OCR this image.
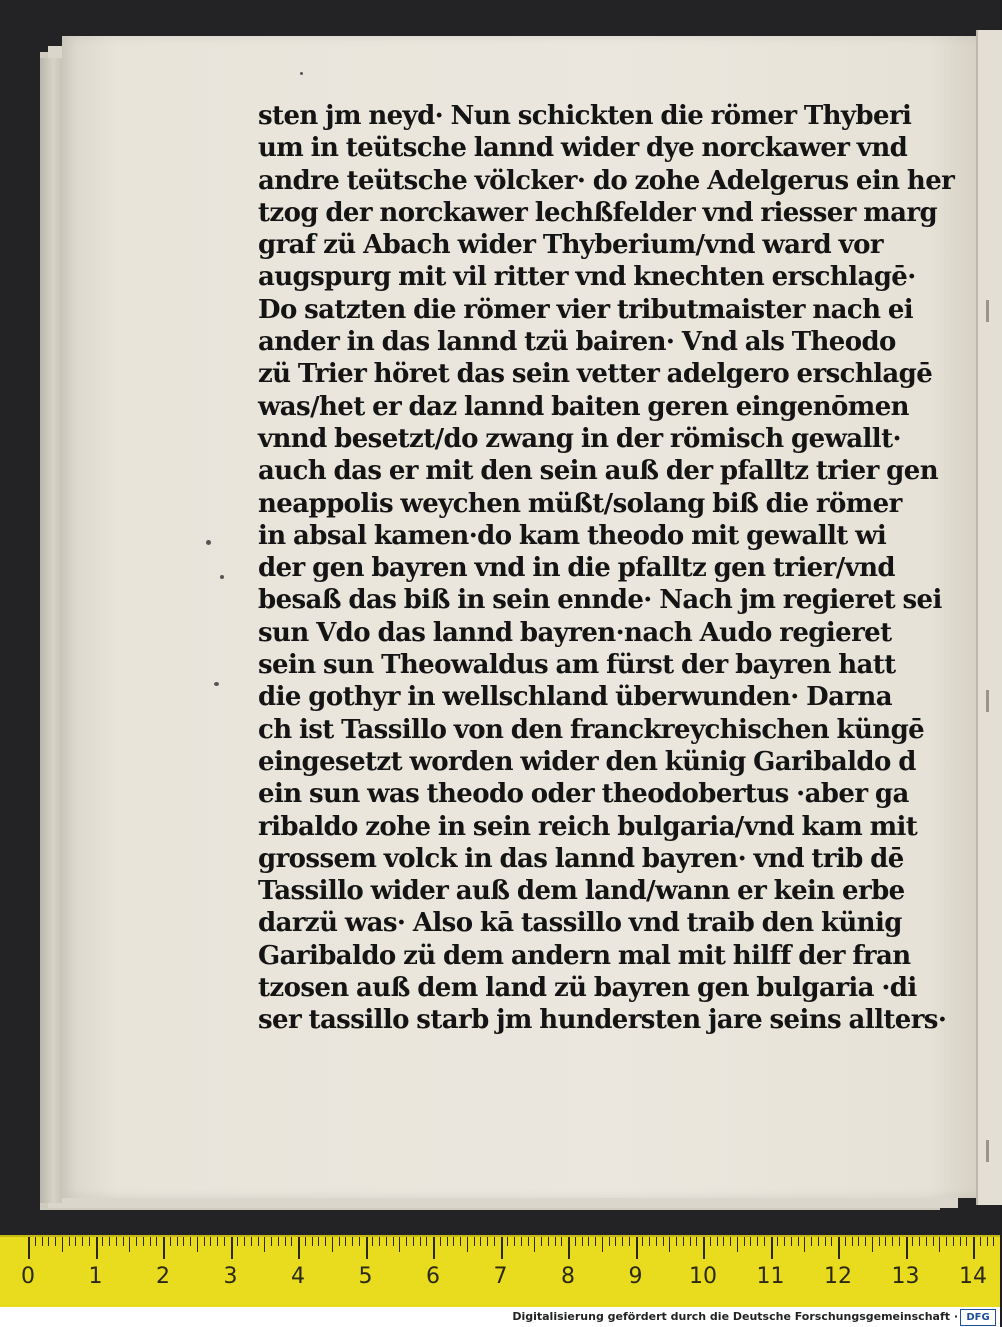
sten jm neyd· Nun schickten die römer Thyberi
um in teütsche lannd wider dye norckawer vnd
andre teütsche völcker· do zohe Adelgerus ein her
tzog der norckawer lechßfelder vnd riesser marg
graf zü Abach wider Thyberium/vnd ward vor
augspurg mit vil ritter vnd knechten erschlagē·
Do satzten die römer vier tributmaister nach ei
ander in das lannd tzü bairen· Vnd als Theodo
zü Trier höret das sein vetter adelgero erschlagē
was/het er daz lannd baiten geren eingenōmen
vnnd besetzt/do zwang in der römisch gewallt·
auch das er mit den sein auß der pfalltz trier gen
neappolis weychen müßt/solang biß die römer
in absal kamen·do kam theodo mit gewallt wi
der gen bayren vnd in die pfalltz gen trier/vnd
besaß das biß in sein ennde· Nach jm regieret sei
sun Vdo das lannd bayren·nach Audo regieret
sein sun Theowaldus am fürst der bayren hatt
die gothyr in wellschland überwunden· Darna
ch ist Tassillo von den franckreychischen küngē
eingesetzt worden wider den künig Garibaldo d
ein sun was theodo oder theodobertus ·aber ga
ribaldo zohe in sein reich bulgaria/vnd kam mit
grossem volck in das lannd bayren· vnd trib dē
Tassillo wider auß dem land/wann er kein erbe
darzü was· Also kā tassillo vnd traib den künig
Garibaldo zü dem andern mal mit hilff der fran
tzosen auß dem land zü bayren gen bulgaria ·di
ser tassillo starb jm hundersten jare seins allters·
0 1 2 3 4 5 6 7 8 9 10 11 12 13 14
Digitalisierung gefördert durch die Deutsche Forschungsgemeinschaft · DFG
